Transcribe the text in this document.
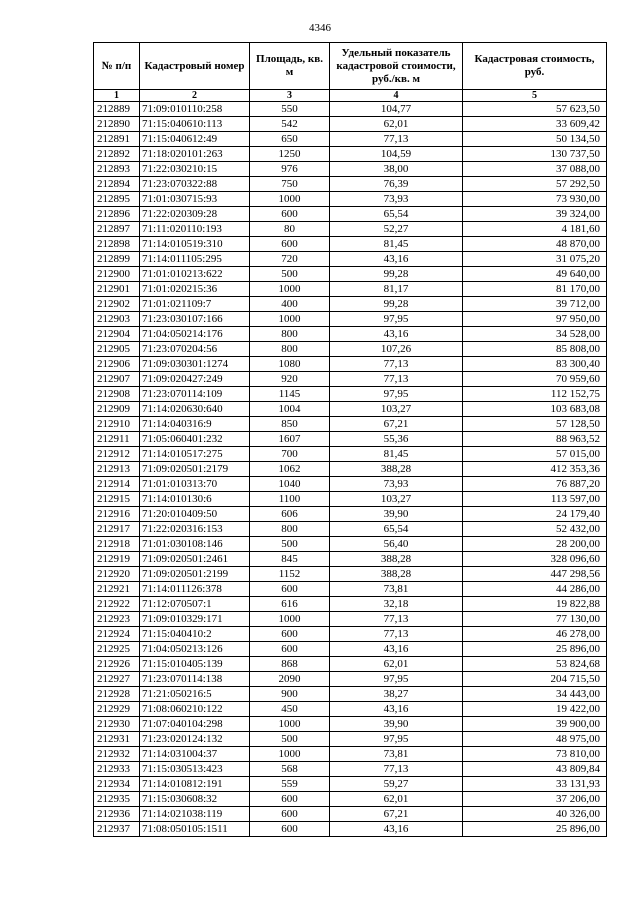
4346
№ п/п	Кадастровый номер	Площадь, кв. м	Удельный показатель кадастровой стоимости, руб./кв. м	Кадастровая стоимость, руб.
1	2	3	4	5
212889	71:09:010110:258	550	104,77	57 623,50
212890	71:15:040610:113	542	62,01	33 609,42
212891	71:15:040612:49	650	77,13	50 134,50
212892	71:18:020101:263	1250	104,59	130 737,50
212893	71:22:030210:15	976	38,00	37 088,00
212894	71:23:070322:88	750	76,39	57 292,50
212895	71:01:030715:93	1000	73,93	73 930,00
212896	71:22:020309:28	600	65,54	39 324,00
212897	71:11:020110:193	80	52,27	4 181,60
212898	71:14:010519:310	600	81,45	48 870,00
212899	71:14:011105:295	720	43,16	31 075,20
212900	71:01:010213:622	500	99,28	49 640,00
212901	71:01:020215:36	1000	81,17	81 170,00
212902	71:01:021109:7	400	99,28	39 712,00
212903	71:23:030107:166	1000	97,95	97 950,00
212904	71:04:050214:176	800	43,16	34 528,00
212905	71:23:070204:56	800	107,26	85 808,00
212906	71:09:030301:1274	1080	77,13	83 300,40
212907	71:09:020427:249	920	77,13	70 959,60
212908	71:23:070114:109	1145	97,95	112 152,75
212909	71:14:020630:640	1004	103,27	103 683,08
212910	71:14:040316:9	850	67,21	57 128,50
212911	71:05:060401:232	1607	55,36	88 963,52
212912	71:14:010517:275	700	81,45	57 015,00
212913	71:09:020501:2179	1062	388,28	412 353,36
212914	71:01:010313:70	1040	73,93	76 887,20
212915	71:14:010130:6	1100	103,27	113 597,00
212916	71:20:010409:50	606	39,90	24 179,40
212917	71:22:020316:153	800	65,54	52 432,00
212918	71:01:030108:146	500	56,40	28 200,00
212919	71:09:020501:2461	845	388,28	328 096,60
212920	71:09:020501:2199	1152	388,28	447 298,56
212921	71:14:011126:378	600	73,81	44 286,00
212922	71:12:070507:1	616	32,18	19 822,88
212923	71:09:010329:171	1000	77,13	77 130,00
212924	71:15:040410:2	600	77,13	46 278,00
212925	71:04:050213:126	600	43,16	25 896,00
212926	71:15:010405:139	868	62,01	53 824,68
212927	71:23:070114:138	2090	97,95	204 715,50
212928	71:21:050216:5	900	38,27	34 443,00
212929	71:08:060210:122	450	43,16	19 422,00
212930	71:07:040104:298	1000	39,90	39 900,00
212931	71:23:020124:132	500	97,95	48 975,00
212932	71:14:031004:37	1000	73,81	73 810,00
212933	71:15:030513:423	568	77,13	43 809,84
212934	71:14:010812:191	559	59,27	33 131,93
212935	71:15:030608:32	600	62,01	37 206,00
212936	71:14:021038:119	600	67,21	40 326,00
212937	71:08:050105:1511	600	43,16	25 896,00
